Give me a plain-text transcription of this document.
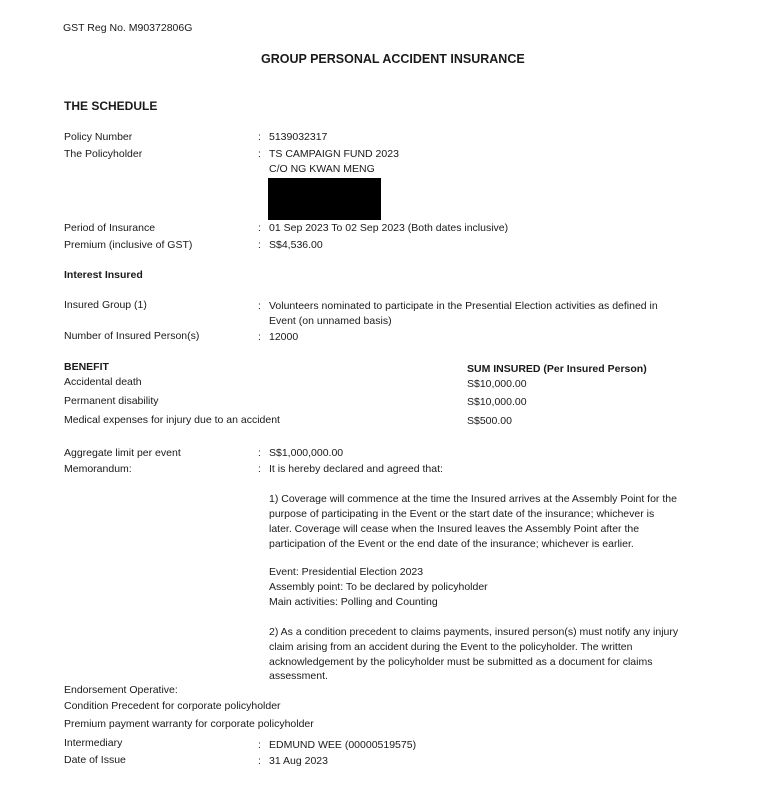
GST Reg No. M90372806G
GROUP PERSONAL ACCIDENT INSURANCE
THE SCHEDULE
Policy Number	: 5139032317
The Policyholder	: TS CAMPAIGN FUND 2023
C/O NG KWAN MENG
Period of Insurance	: 01 Sep 2023 To 02 Sep 2023 (Both dates inclusive)
Premium (inclusive of GST)	: S$4,536.00
Interest Insured
Insured Group (1)	: Volunteers nominated to participate in the Presential Election activities as defined in
Event (on unnamed basis)
Number of Insured Person(s)	: 12000
BENEFIT	SUM INSURED (Per Insured Person)
Accidental death	S$10,000.00
Permanent disability	S$10,000.00
Medical expenses for injury due to an accident	S$500.00
Aggregate limit per event	: S$1,000,000.00
Memorandum:	: It is hereby declared and agreed that:
1) Coverage will commence at the time the Insured arrives at the Assembly Point for the
purpose of participating in the Event or the start date of the insurance; whichever is
later. Coverage will cease when the Insured leaves the Assembly Point after the
participation of the Event or the end date of the insurance; whichever is earlier.
Event: Presidential Election 2023
Assembly point: To be declared by policyholder
Main activities: Polling and Counting
2) As a condition precedent to claims payments, insured person(s) must notify any injury
claim arising from an accident during the Event to the policyholder. The written
acknowledgement by the policyholder must be submitted as a document for claims
assessment.
Endorsement Operative:
Condition Precedent for corporate policyholder
Premium payment warranty for corporate policyholder
Intermediary	: EDMUND WEE (00000519575)
Date of Issue	: 31 Aug 2023
